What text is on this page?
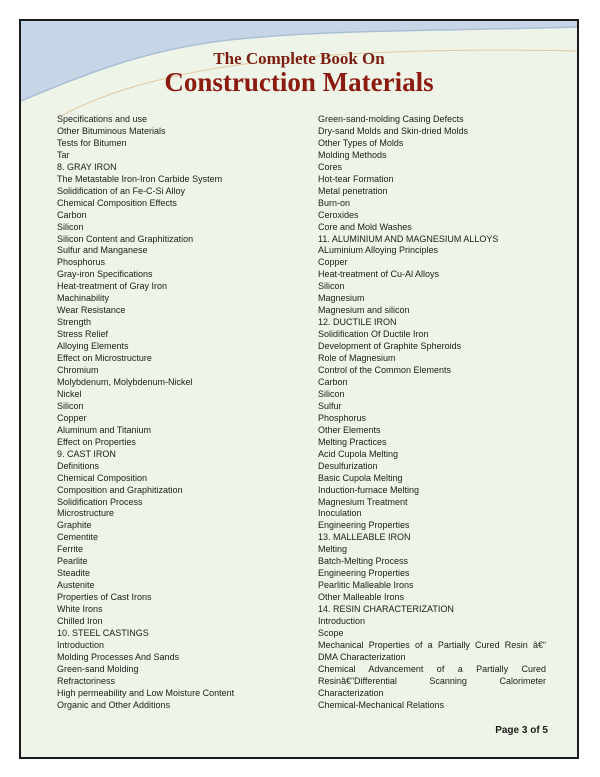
The Complete Book On
Construction Materials
Specifications and use
Other Bituminous Materials
Tests for Bitumen
Tar
8. GRAY IRON
The Metastable Iron-Iron Carbide System
Solidification of an Fe-C-Si Alloy
Chemical Composition Effects
Carbon
Silicon
Silicon Content and Graphitization
Sulfur and Manganese
Phosphorus
Gray-iron Specifications
Heat-treatment of Gray Iron
Machinability
Wear Resistance
Strength
Stress Relief
Alloying Elements
Effect on Microstructure
Chromium
Molybdenum, Molybdenum-Nickel
Nickel
Silicon
Copper
Aluminum and Titanium
Effect on Properties
9. CAST IRON
Definitions
Chemical Composition
Composition and Graphitization
Solidification Process
Microstructure
Graphite
Cementite
Ferrite
Pearlite
Steadite
Austenite
Properties of Cast Irons
White Irons
Chilled Iron
10. STEEL CASTINGS
Introduction
Molding Processes And Sands
Green-sand Molding
Refractoriness
High permeability and Low Moisture Content
Organic and Other Additions
Green-sand-molding Casing Defects
Dry-sand Molds and Skin-dried Molds
Other Types of Molds
Molding Methods
Cores
Hot-tear Formation
Metal penetration
Burn-on
Ceroxides
Core and Mold Washes
11. ALUMINIUM AND MAGNESIUM ALLOYS
ALuminium Alloying Principles
Copper
Heat-treatment of Cu-Al Alloys
Silicon
Magnesium
Magnesium and silicon
12. DUCTILE IRON
Solidification Of Ductile Iron
Development of Graphite Spheroids
Role of Magnesium
Control of the Common Elements
Carbon
Silicon
Sulfur
Phosphorus
Other Elements
Melting Practices
Acid Cupola Melting
Desulfurization
Basic Cupola Melting
Induction-furnace Melting
Magnesium Treatment
Inoculation
Engineering Properties
13. MALLEABLE IRON
Melting
Batch-Melting Process
Engineering Properties
Pearlitic Malleable Irons
Other Malleable Irons
14. RESIN CHARACTERIZATION
Introduction
Scope
Mechanical Properties of a Partially Cured Resin â€“
DMA Characterization
Chemical Advancement of a Partially Cured
Resinâ€”Differential Scanning Calorimeter
Characterization
Chemical-Mechanical Relations
Page 3 of 5
